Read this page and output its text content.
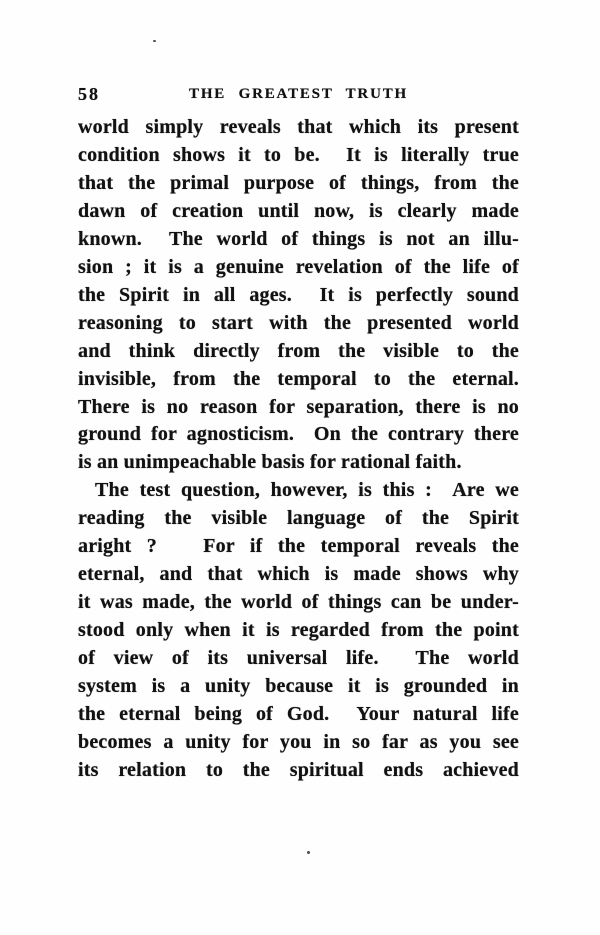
58	THE GREATEST TRUTH
world simply reveals that which its present
condition shows it to be.  It is literally true
that the primal purpose of things, from the
dawn of creation until now, is clearly made
known.  The world of things is not an illu-
sion ; it is a genuine revelation of the life of
the Spirit in all ages.  It is perfectly sound
reasoning to start with the presented world
and think directly from the visible to the
invisible, from the temporal to the eternal.
There is no reason for separation, there is no
ground for agnosticism.  On the contrary there
is an unimpeachable basis for rational faith.
The test question, however, is this :  Are we
reading the visible language of the Spirit
aright ?   For if the temporal reveals the
eternal, and that which is made shows why
it was made, the world of things can be under-
stood only when it is regarded from the point
of view of its universal life.  The world
system is a unity because it is grounded in
the eternal being of God.  Your natural life
becomes a unity for you in so far as you see
its relation to the spiritual ends achieved
